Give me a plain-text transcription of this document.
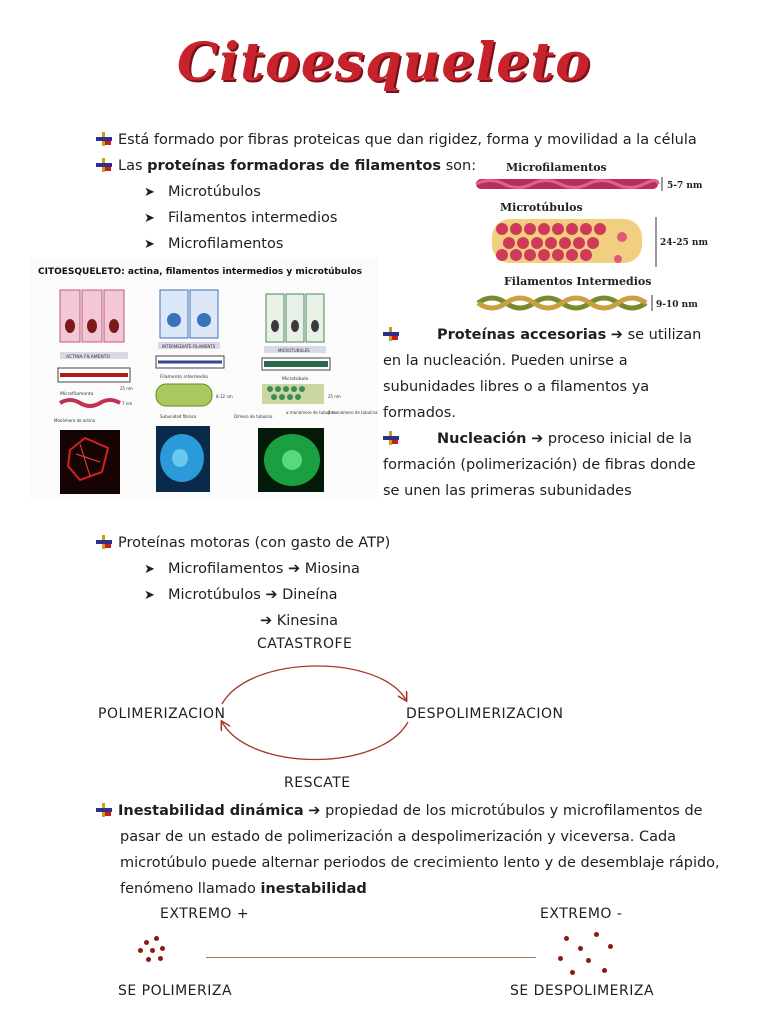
Citoesqueleto
Está formado por fibras proteicas que dan rigidez, forma y movilidad a la célula
Las proteínas formadoras de filamentos son:
➤ Microtúbulos
➤ Filamentos intermedios
➤ Microfilamentos
Microfilamentos
5-7 nm
Microtúbulos
24-25 nm
Filamentos Intermedios
9-10 nm
CITOESQUELETO: actina, filamentos intermedios y microtúbulos
ACTINA FILAMENTO
Microfilamento
7 nm
Monómero de actina
INTERMEDIATE FILAMENTS
Filamento intermedio
8-12 nm
Subunidad fibrosa
MICROTUBULES
Microtúbulo
25 nm
Dímero de tubulina
α monómero de tubulina
β monómero de tubulina
25 nm
Proteínas accesorias ➔ se utilizan
en la nucleación. Pueden unirse a
subunidades libres o a filamentos ya
formados.
Nucleación ➔ proceso inicial de la
formación (polimerización) de fibras donde
se unen las primeras subunidades
Proteínas motoras (con gasto de ATP)
➤ Microfilamentos ➔ Miosina
➤ Microtúbulos ➔ Dineína
➔ Kinesina
CATASTROFE
POLIMERIZACION	DESPOLIMERIZACION
RESCATE
Inestabilidad dinámica ➔ propiedad de los microtúbulos y microfilamentos de
pasar de un estado de polimerización a despolimerización y viceversa. Cada
microtúbulo puede alternar periodos de crecimiento lento y de desemblaje rápido,
fenómeno llamado inestabilidad
EXTREMO +	EXTREMO -
SE POLIMERIZA	SE DESPOLIMERIZA
